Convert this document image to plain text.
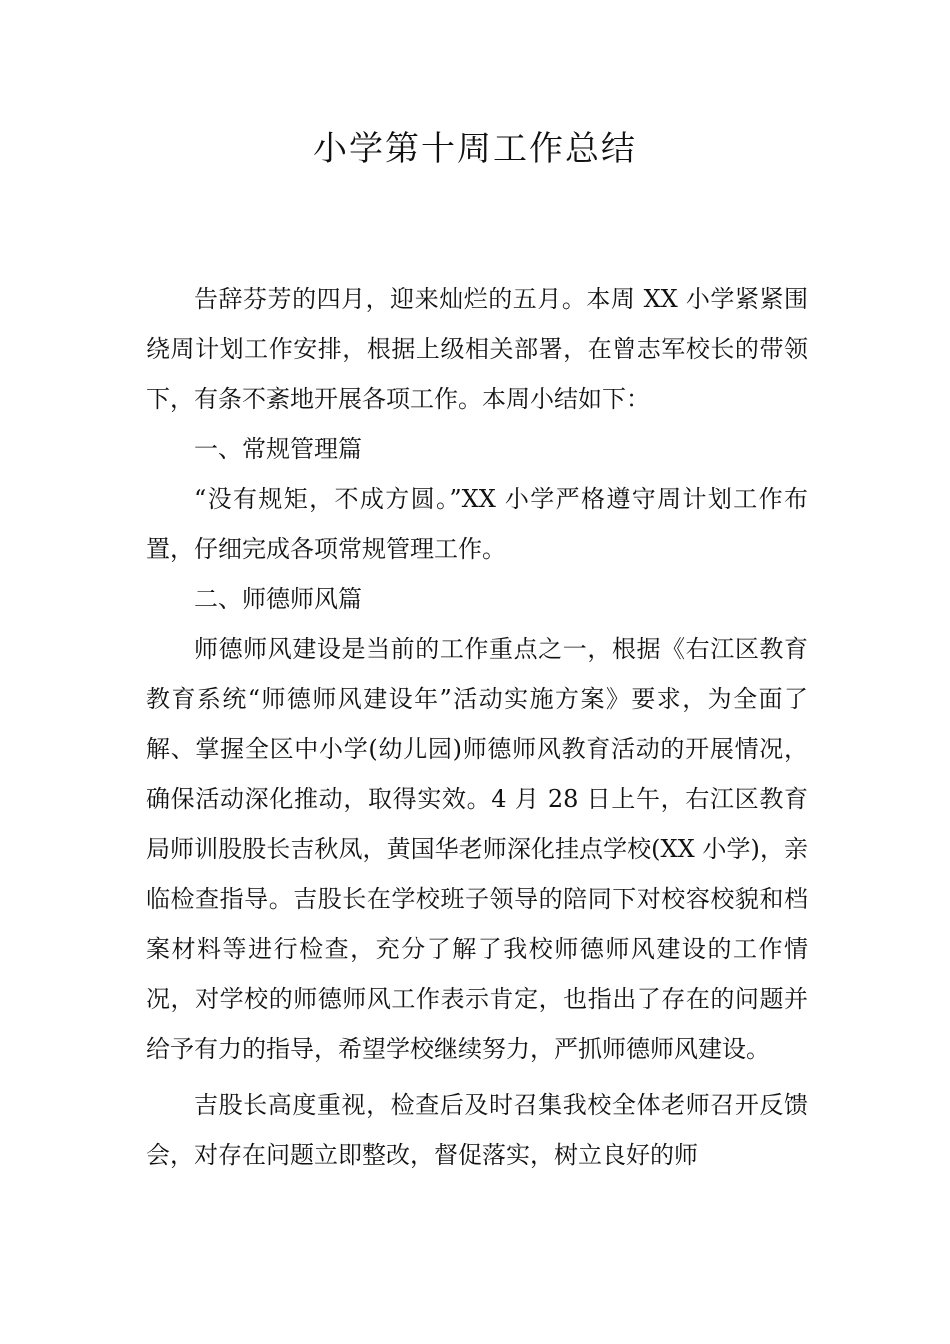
小学第十周工作总结

告辞芬芳的四月，迎来灿烂的五月。本周 XX 小学紧紧围绕周计划工作安排，根据上级相关部署，在曾志军校长的带领下，有条不紊地开展各项工作。本周小结如下：

一、常规管理篇

“没有规矩，不成方圆。”XX 小学严格遵守周计划工作布置，仔细完成各项常规管理工作。

二、师德师风篇

师德师风建设是当前的工作重点之一，根据《右江区教育教育系统“师德师风建设年”活动实施方案》要求，为全面了解、掌握全区中小学(幼儿园)师德师风教育活动的开展情况，确保活动深化推动，取得实效。4 月 28 日上午，右江区教育局师训股股长吉秋凤，黄国华老师深化挂点学校(XX 小学)，亲临检查指导。吉股长在学校班子领导的陪同下对校容校貌和档案材料等进行检查，充分了解了我校师德师风建设的工作情况，对学校的师德师风工作表示肯定，也指出了存在的问题并给予有力的指导，希望学校继续努力，严抓师德师风建设。

吉股长高度重视，检查后及时召集我校全体老师召开反馈会，对存在问题立即整改，督促落实，树立良好的师
